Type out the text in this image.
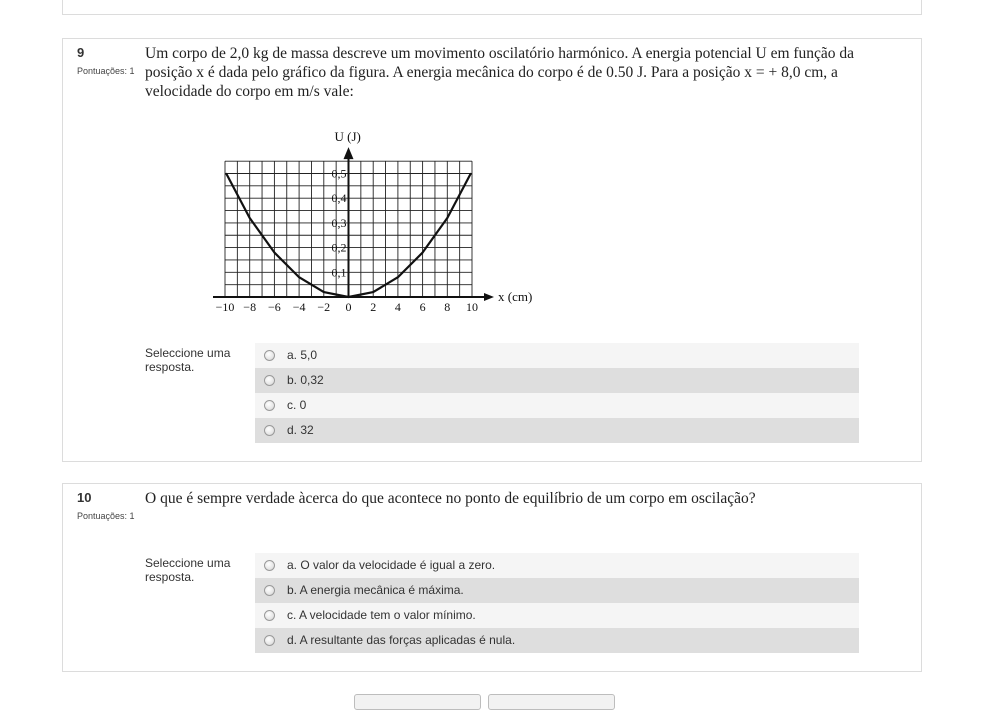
9
Pontuações: 1
Um corpo de 2,0 kg de massa descreve um movimento oscilatório harmónico. A energia potencial U em função da posição x é dada pelo gráfico da figura. A energia mecânica do corpo é de 0.50 J. Para a posição x = + 8,0 cm, a velocidade do corpo em m/s vale:
U (J)
x (cm)
−10 −8 −6 −4 −2 0 2 4 6 8 10
0,1
0,2
0,3
0,4
0,5
Seleccione uma resposta.
a. 5,0
b. 0,32
c. 0
d. 32
10
Pontuações: 1
O que é sempre verdade àcerca do que acontece no ponto de equilíbrio de um corpo em oscilação?
Seleccione uma resposta.
a. O valor da velocidade é igual a zero.
b. A energia mecânica é máxima.
c. A velocidade tem o valor mínimo.
d. A resultante das forças aplicadas é nula.
